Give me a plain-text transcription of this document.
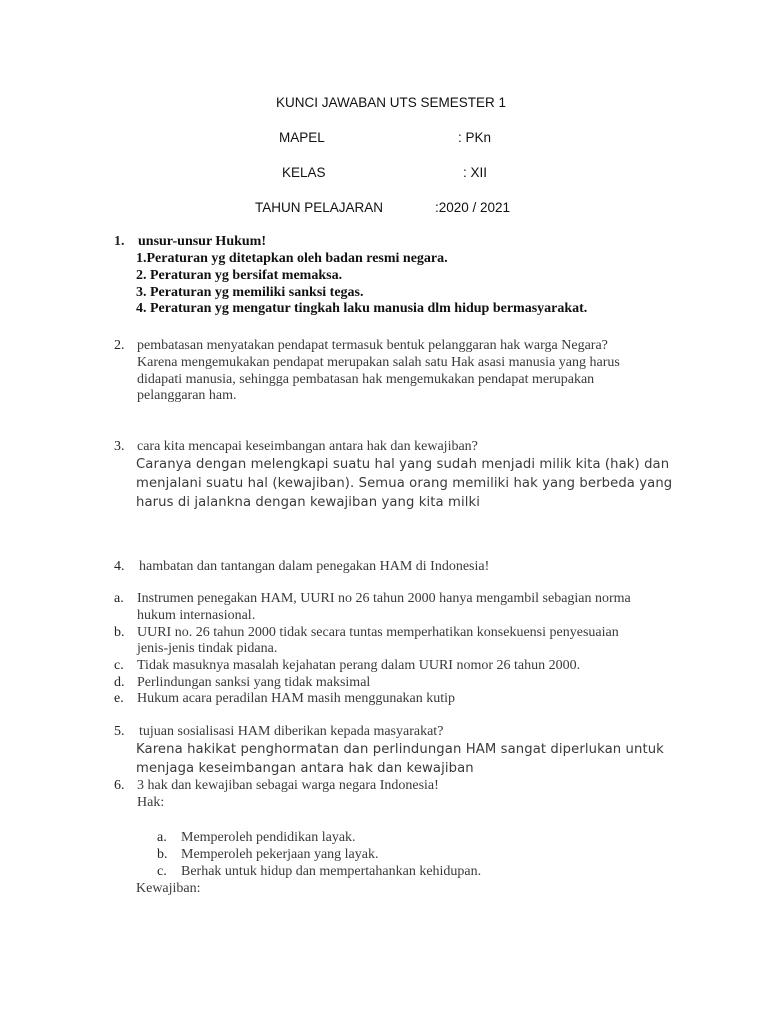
KUNCI JAWABAN UTS SEMESTER 1
MAPEL	: PKn
KELAS	: XII
TAHUN PELAJARAN	:2020 / 2021
1. unsur-unsur Hukum!
1.Peraturan yg ditetapkan oleh badan resmi negara.
2. Peraturan yg bersifat memaksa.
3. Peraturan yg memiliki sanksi tegas.
4. Peraturan yg mengatur tingkah laku manusia dlm hidup bermasyarakat.
2. pembatasan menyatakan pendapat termasuk bentuk pelanggaran hak warga Negara?
Karena mengemukakan pendapat merupakan salah satu Hak asasi manusia yang harus
didapati manusia, sehingga pembatasan hak mengemukakan pendapat merupakan
pelanggaran ham.
3. cara kita mencapai keseimbangan antara hak dan kewajiban?
Caranya dengan melengkapi suatu hal yang sudah menjadi milik kita (hak) dan
menjalani suatu hal (kewajiban). Semua orang memiliki hak yang berbeda yang
harus di jalankna dengan kewajiban yang kita milki
4. hambatan dan tantangan dalam penegakan HAM di Indonesia!
a. Instrumen penegakan HAM, UURI no 26 tahun 2000 hanya mengambil sebagian norma
hukum internasional.
b. UURI no. 26 tahun 2000 tidak secara tuntas memperhatikan konsekuensi penyesuaian
jenis-jenis tindak pidana.
c. Tidak masuknya masalah kejahatan perang dalam UURI nomor 26 tahun 2000.
d. Perlindungan sanksi yang tidak maksimal
e. Hukum acara peradilan HAM masih menggunakan kutip
5. tujuan sosialisasi HAM diberikan kepada masyarakat?
Karena hakikat penghormatan dan perlindungan HAM sangat diperlukan untuk
menjaga keseimbangan antara hak dan kewajiban
6. 3 hak dan kewajiban sebagai warga negara Indonesia!
Hak:
a. Memperoleh pendidikan layak.
b. Memperoleh pekerjaan yang layak.
c. Berhak untuk hidup dan mempertahankan kehidupan.
Kewajiban:
